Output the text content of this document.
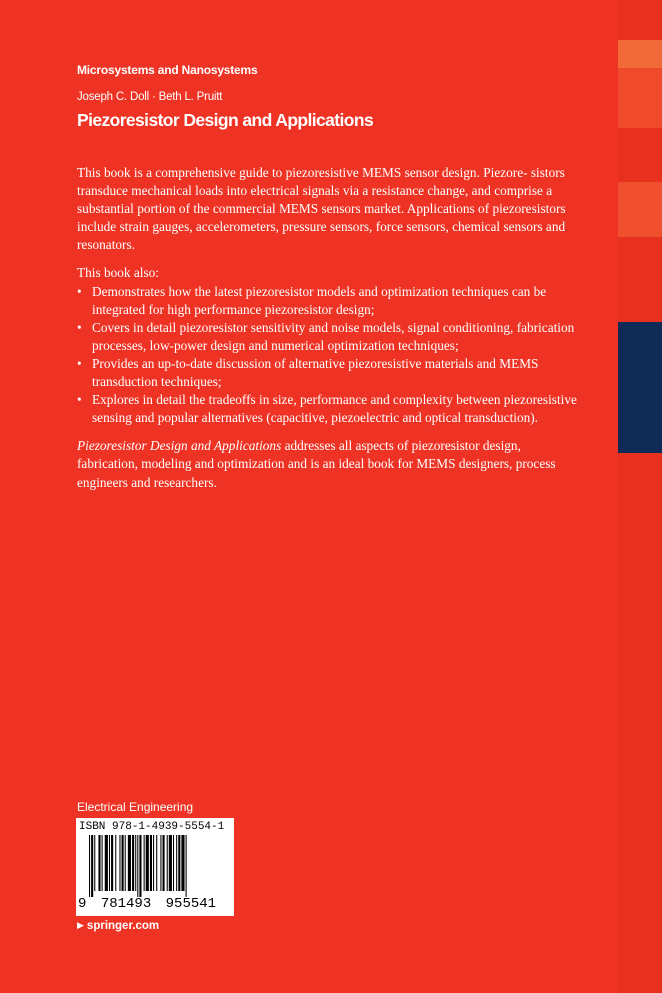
Microsystems and Nanosystems
Joseph C. Doll · Beth L. Pruitt
Piezoresistor Design and Applications

This book is a comprehensive guide to piezoresistive MEMS sensor design. Piezore- sistors transduce mechanical loads into electrical signals via a resistance change, and comprise a substantial portion of the commercial MEMS sensors market. Applications of piezoresistors include strain gauges, accelerometers, pressure sensors, force sensors, chemical sensors and resonators.

This book also:

• Demonstrates how the latest piezoresistor models and optimization techniques can be integrated for high performance piezoresistor design;
• Covers in detail piezoresistor sensitivity and noise models, signal conditioning, fabrication processes, low-power design and numerical optimization techniques;
• Provides an up-to-date discussion of alternative piezoresistive materials and MEMS transduction techniques;
• Explores in detail the tradeoffs in size, performance and complexity between piezoresistive sensing and popular alternatives (capacitive, piezoelectric and optical transduction).

Piezoresistor Design and Applications addresses all aspects of piezoresistor design, fabrication, modeling and optimization and is an ideal book for MEMS designers, process engineers and researchers.

Electrical Engineering
ISBN 978-1-4939-5554-1
9 781493 955541
▶ springer.com
